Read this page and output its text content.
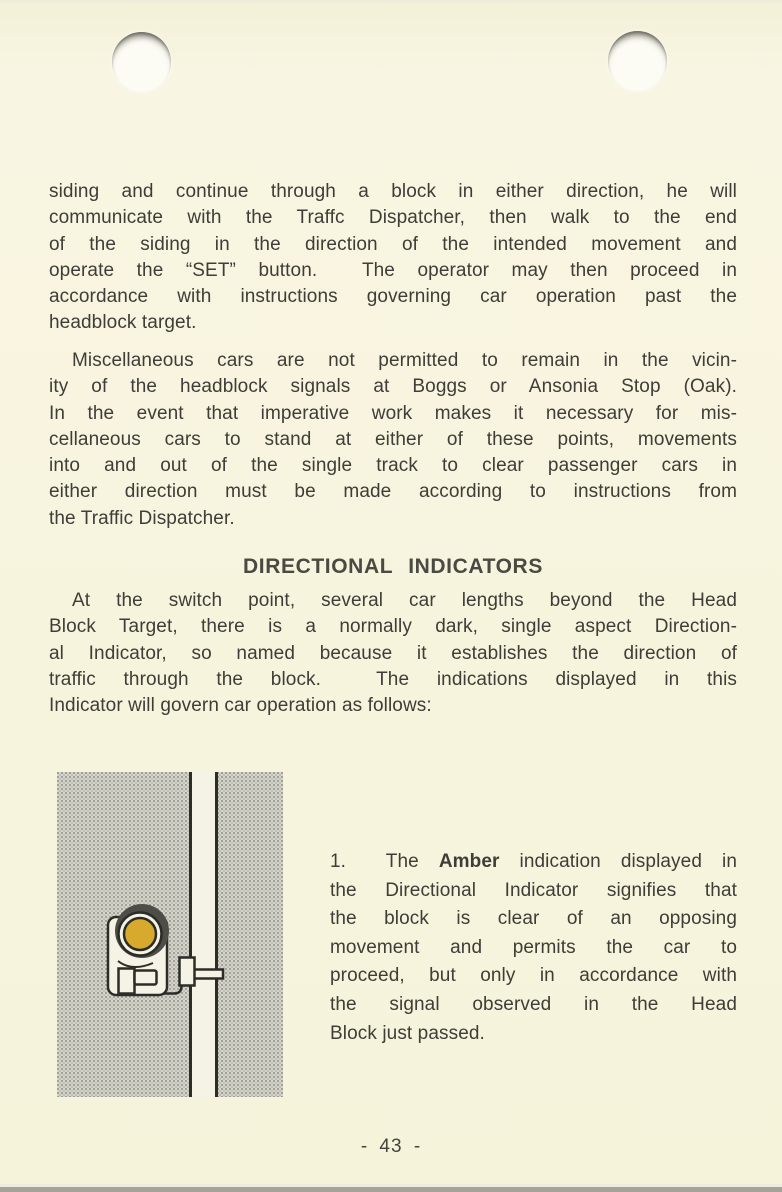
siding and continue through a block in either direction, he will
communicate with the Traffc Dispatcher, then walk to the end
of the siding in the direction of the intended movement and
operate the “SET” button.  The operator may then proceed in
accordance with instructions governing car operation past the
headblock target.
Miscellaneous cars are not permitted to remain in the vicin-
ity of the headblock signals at Boggs or Ansonia Stop (Oak).
In the event that imperative work makes it necessary for mis-
cellaneous cars to stand at either of these points, movements
into and out of the single track to clear passenger cars in
either direction must be made according to instructions from
the Traffic Dispatcher.
DIRECTIONAL INDICATORS
At the switch point, several car lengths beyond the Head
Block Target, there is a normally dark, single aspect Direction-
al Indicator, so named because it establishes the direction of
traffic through the block.  The indications displayed in this
Indicator will govern car operation as follows:
1.  The Amber indication displayed in
the Directional Indicator signifies that
the block is clear of an opposing
movement and permits the car to
proceed, but only in accordance with
the signal observed in the Head
Block just passed.
- 43 -
